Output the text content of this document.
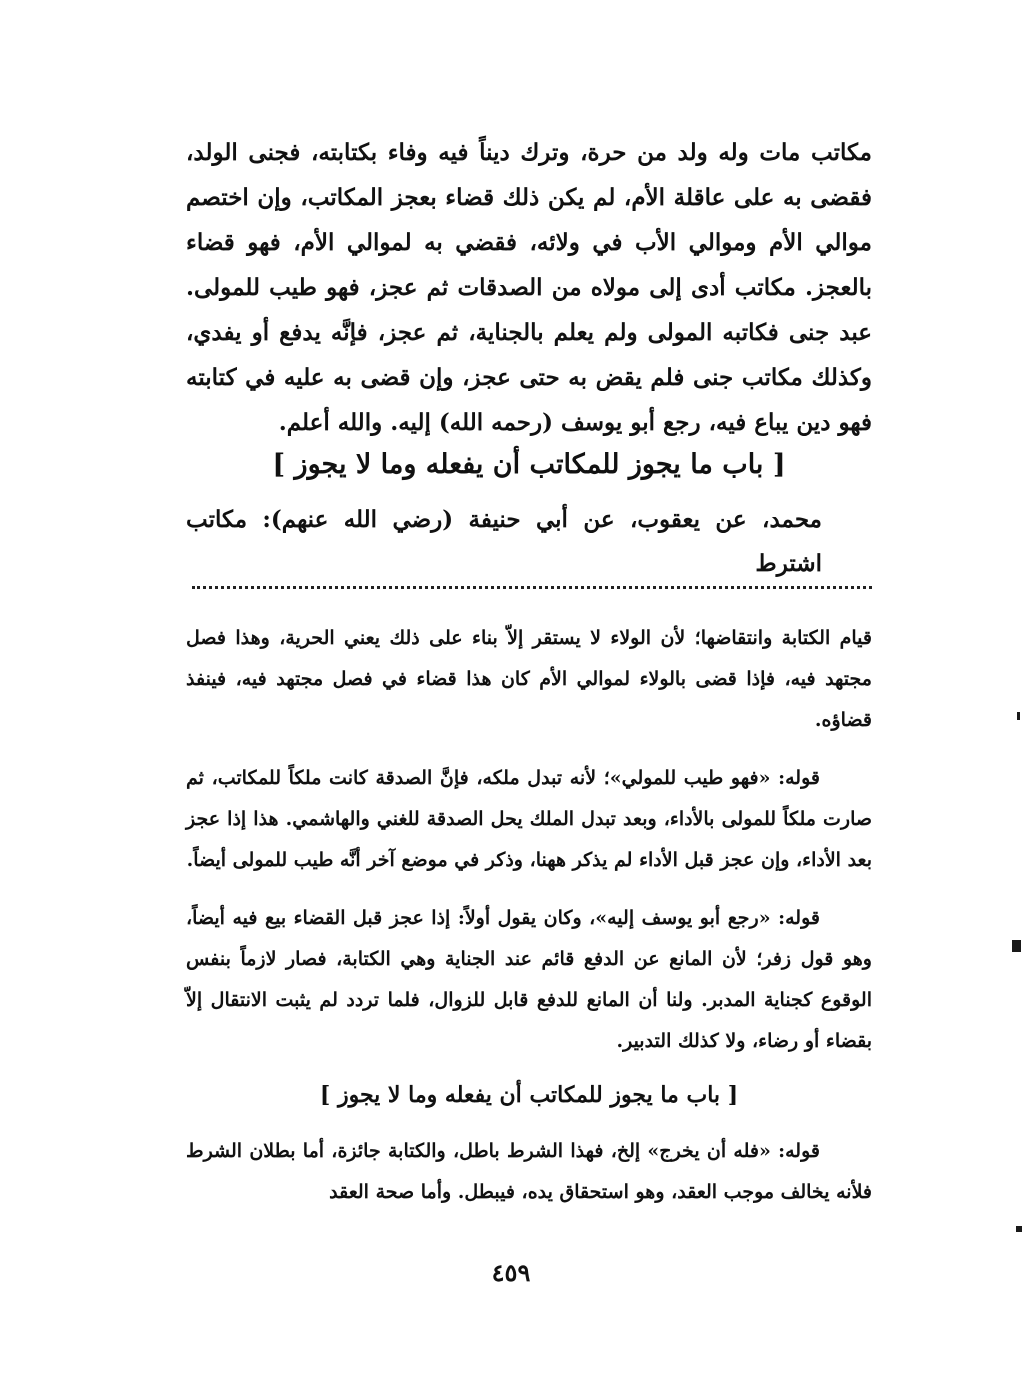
مكاتب مات وله ولد من حرة، وترك ديناً فيه وفاء بكتابته، فجنى الولد، فقضى به على عاقلة الأم، لم يكن ذلك قضاء بعجز المكاتب، وإن اختصم موالي الأم وموالي الأب في ولائه، فقضي به لموالي الأم، فهو قضاء بالعجز. مكاتب أدى إلى مولاه من الصدقات ثم عجز، فهو طيب للمولى. عبد جنى فكاتبه المولى ولم يعلم بالجناية، ثم عجز، فإنَّه يدفع أو يفدي، وكذلك مكاتب جنى فلم يقض به حتى عجز، وإن قضى به عليه في كتابته فهو دين يباع فيه، رجع أبو يوسف (رحمه الله) إليه. والله أعلم.

[ باب ما يجوز للمكاتب أن يفعله وما لا يجوز ]
محمد، عن يعقوب، عن أبي حنيفة (رضي الله عنهم): مكاتب اشترط

قيام الكتابة وانتقاضها؛ لأن الولاء لا يستقر إلاّ بناء على ذلك يعني الحرية، وهذا فصل مجتهد فيه، فإذا قضى بالولاء لموالي الأم كان هذا قضاء في فصل مجتهد فيه، فينفذ قضاؤه.

قوله: «فهو طيب للمولي»؛ لأنه تبدل ملكه، فإنَّ الصدقة كانت ملكاً للمكاتب، ثم صارت ملكاً للمولى بالأداء، وبعد تبدل الملك يحل الصدقة للغني والهاشمي. هذا إذا عجز بعد الأداء، وإن عجز قبل الأداء لم يذكر ههنا، وذكر في موضع آخر أنَّه طيب للمولى أيضاً.

قوله: «رجع أبو يوسف إليه»، وكان يقول أولاً: إذا عجز قبل القضاء بيع فيه أيضاً، وهو قول زفر؛ لأن المانع عن الدفع قائم عند الجناية وهي الكتابة، فصار لازماً بنفس الوقوع كجناية المدبر. ولنا أن المانع للدفع قابل للزوال، فلما تردد لم يثبت الانتقال إلاّ بقضاء أو رضاء، ولا كذلك التدبير.

[ باب ما يجوز للمكاتب أن يفعله وما لا يجوز ]

قوله: «فله أن يخرج» إلخ، فهذا الشرط باطل، والكتابة جائزة، أما بطلان الشرط فلأنه يخالف موجب العقد، وهو استحقاق يده، فيبطل. وأما صحة العقد

٤٥٩
